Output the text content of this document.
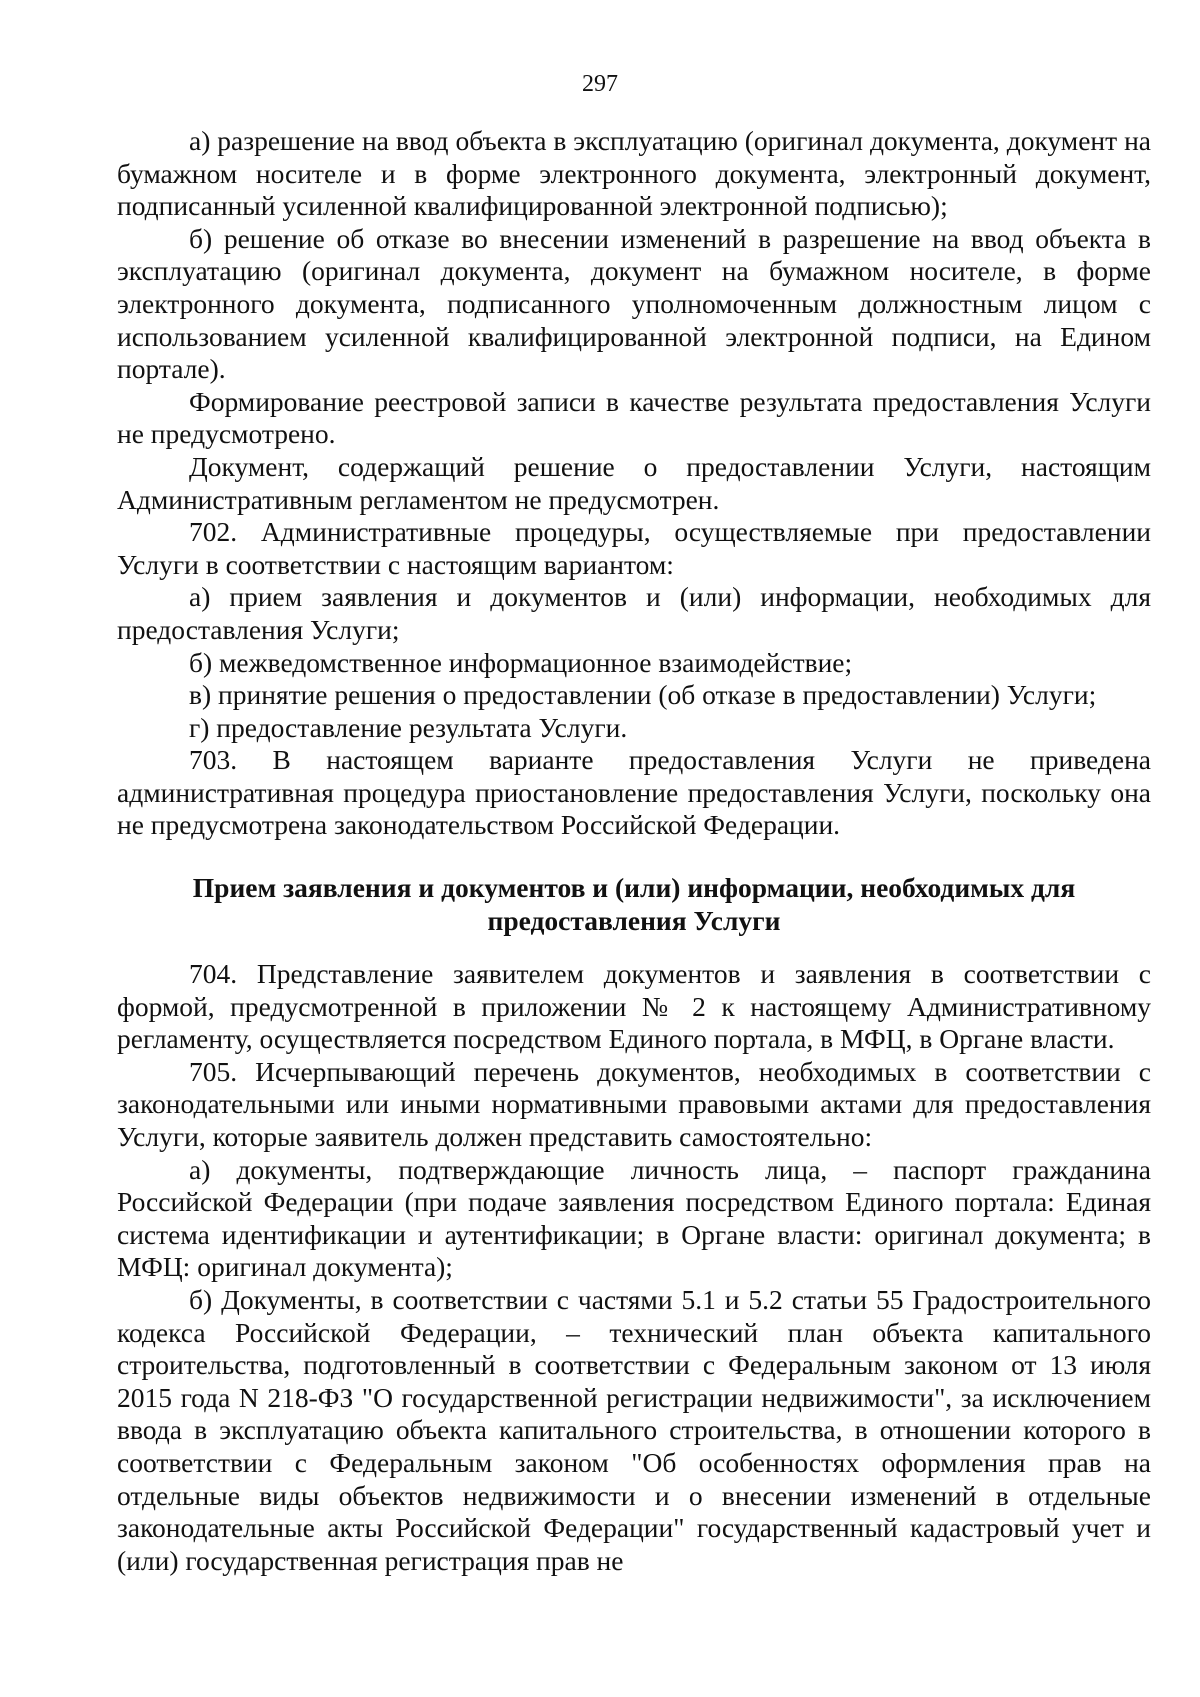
297

а) разрешение на ввод объекта в эксплуатацию (оригинал документа, документ на бумажном носителе и в форме электронного документа, электронный документ, подписанный усиленной квалифицированной электронной подписью);

б) решение об отказе во внесении изменений в разрешение на ввод объекта в эксплуатацию (оригинал документа, документ на бумажном носителе, в форме электронного документа, подписанного уполномоченным должностным лицом с использованием усиленной квалифицированной электронной подписи, на Едином портале).

Формирование реестровой записи в качестве результата предоставления Услуги не предусмотрено.

Документ, содержащий решение о предоставлении Услуги, настоящим Административным регламентом не предусмотрен.

702. Административные процедуры, осуществляемые при предоставлении Услуги в соответствии с настоящим вариантом:

а) прием заявления и документов и (или) информации, необходимых для предоставления Услуги;

б) межведомственное информационное взаимодействие;

в) принятие решения о предоставлении (об отказе в предоставлении) Услуги;

г) предоставление результата Услуги.

703. В настоящем варианте предоставления Услуги не приведена административная процедура приостановление предоставления Услуги, поскольку она не предусмотрена законодательством Российской Федерации.

Прием заявления и документов и (или) информации, необходимых для
предоставления Услуги

704. Представление заявителем документов и заявления в соответствии с формой, предусмотренной в приложении № 2 к настоящему Административному регламенту, осуществляется посредством Единого портала, в МФЦ, в Органе власти.

705. Исчерпывающий перечень документов, необходимых в соответствии с законодательными или иными нормативными правовыми актами для предоставления Услуги, которые заявитель должен представить самостоятельно:

а) документы, подтверждающие личность лица, – паспорт гражданина Российской Федерации (при подаче заявления посредством Единого портала: Единая система идентификации и аутентификации; в Органе власти: оригинал документа; в МФЦ: оригинал документа);

б) Документы, в соответствии с частями 5.1 и 5.2 статьи 55 Градостроительного кодекса Российской Федерации, – технический план объекта капитального строительства, подготовленный в соответствии с Федеральным законом от 13 июля 2015 года N 218-ФЗ "О государственной регистрации недвижимости", за исключением ввода в эксплуатацию объекта капитального строительства, в отношении которого в соответствии с Федеральным законом "Об особенностях оформления прав на отдельные виды объектов недвижимости и о внесении изменений в отдельные законодательные акты Российской Федерации" государственный кадастровый учет и (или) государственная регистрация прав не
